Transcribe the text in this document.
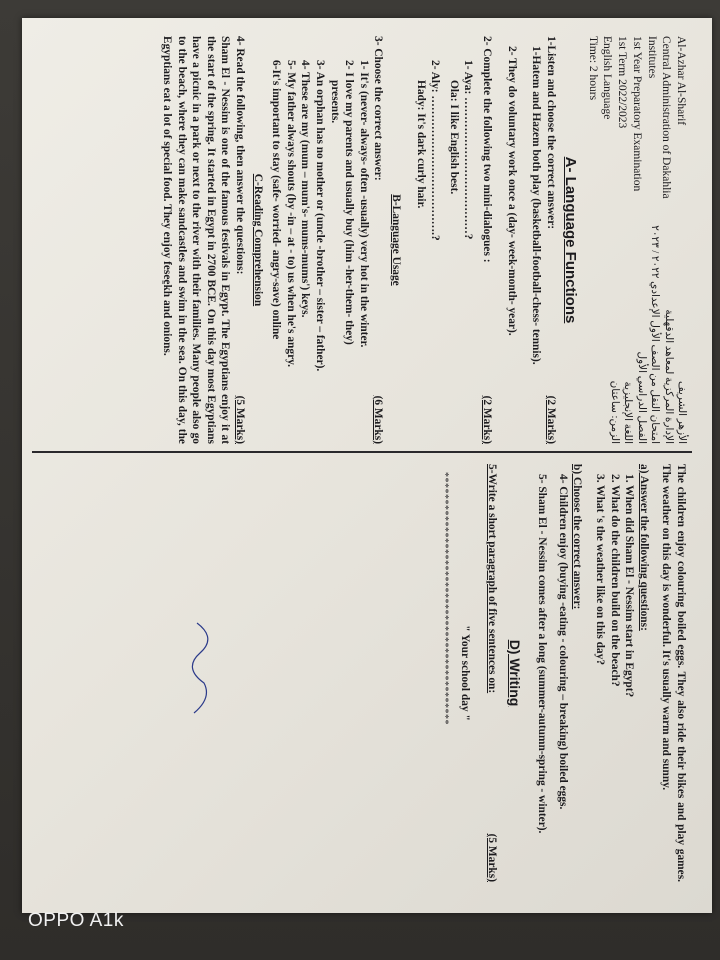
Al-Azhar Al-Sharif
Central Administration of Dakahlia Institutes
1st Year Preparatory Examination
1st Term 2022/2023
English Language
Time: 2 hours
الأزهر الشريف
الإدارة المركزية لمعاهد الدقهلية
امتحان النقل من الصف الأول الإعدادي ٢٠٢٢ / ٢٠٢٣
الفصل الدراسي الأول
اللغة الإنجليزية
الزمن: ساعتان
A- Language Functions
1-Listen and choose the correct answer:
(2 Marks)
1-Hatem and Hazem both play (basketball-football-chess- tennis).
2- They do voluntary work once a (day- week-month- year).
2- Complete the following two mini-dialogues :
(2 Marks)
1- Aya: ………………………………?
Ola: I like English best.
2- Aly: ……………………………….?
Hady: It's dark curly hair.
B-Language Usage
3- Choose the correct answer:
(6 Marks)
1- It's (never- always- often -usually) very hot in the winter.
2- I love my parents and usually buy (him -her-them- they)
presents.
3- An orphan has no mother or (uncle -brother – sister – father).
4- These are my (mum – mum's- mums-mums') keys.
5- My father always shouts (by -in – at - to) us when he's angry.
6-It's important to stay (safe- worried- angry-save) online
C-Reading Comprehension
4- Read the following, then answer the questions:
(5 Marks)
Sham El - Nessim is one of the famous festivals in Egypt. The Egyptians enjoy it at the start of the spring. It started in Egypt in 2700 BCE. On this day most Egyptians have a picnic in a park or next to the river with their families. Many people also go to the beach, where they can make sandcastles and swim in the sea. On this day, the Egyptians eat a lot of special food. They enjoy fesee̱kh and onions.
The children enjoy colouring boiled eggs. They also ride their bikes and play games. The weather on this day is wonderful. It's usually warm and sunny.
a) Answer the following questions:
1. When did Sham El - Nessim start in Egypt?
2. What do the children build on the beach?
3. What 's the weather like on this day?
b) Choose the correct answer:
4- Children enjoy (buying -eating - colouring – breaking) boiled eggs.
5- Sham El - Nessim comes after a long (summer-autumn-spring - winter).
D) Writing
5-Write a short paragraph of five sentences on:
(5 Marks)
" Your school day "
**********************************************
OPPO A1k
